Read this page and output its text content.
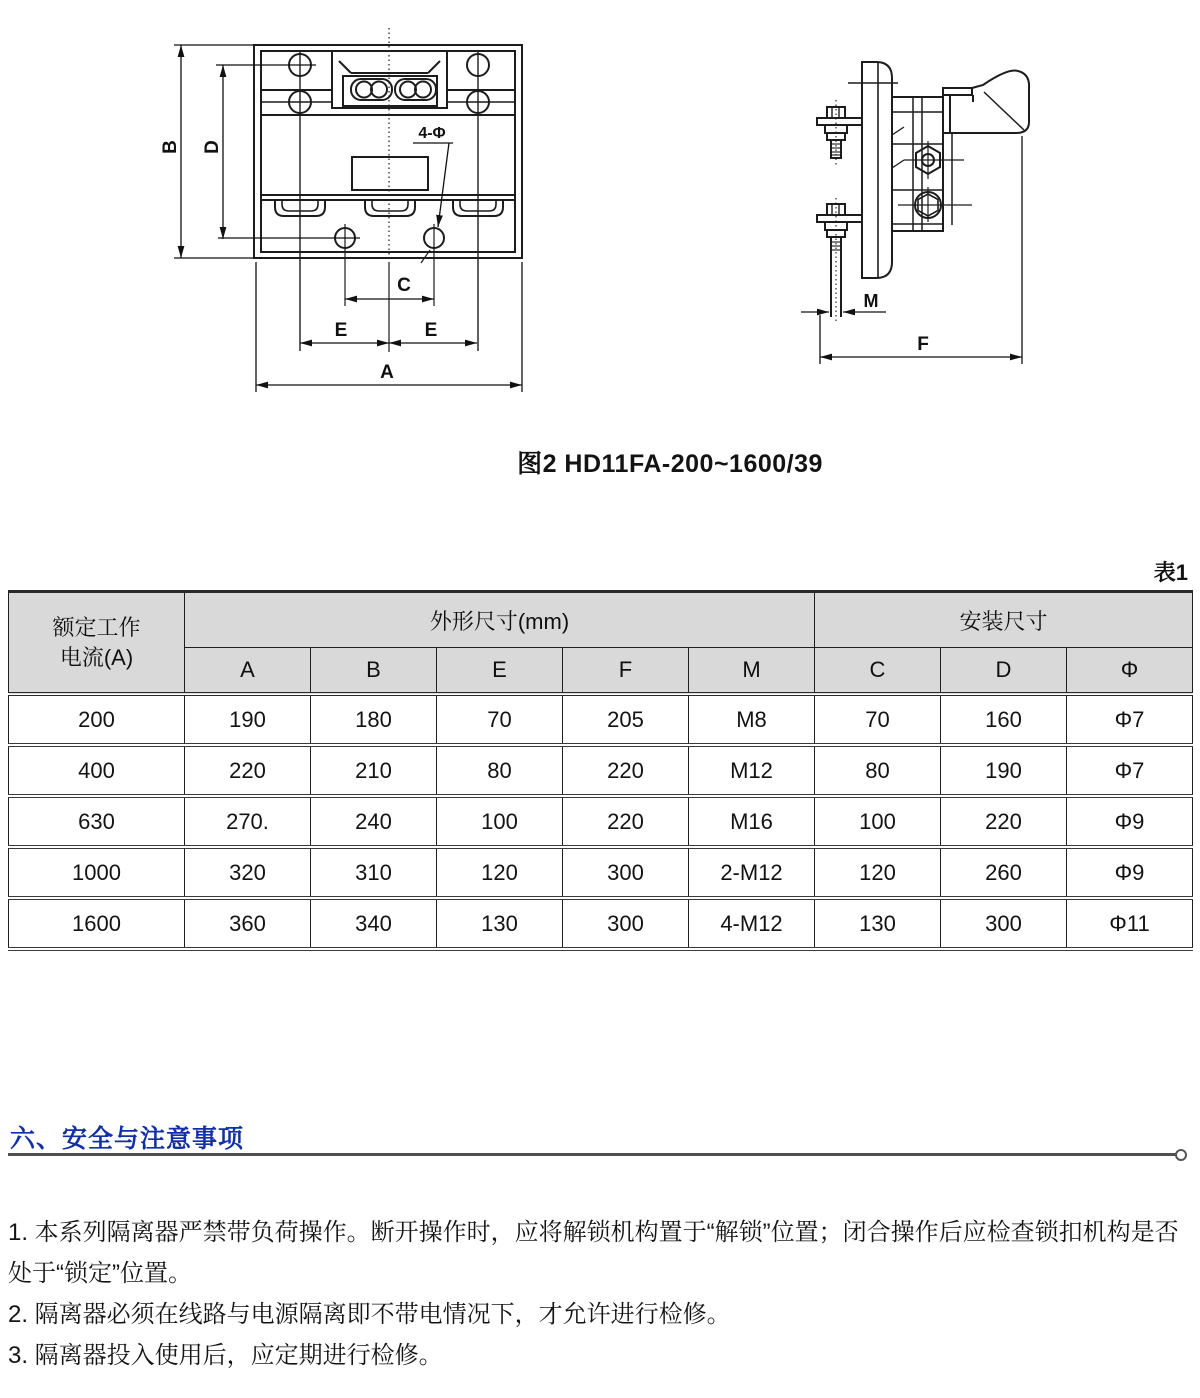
B D
C
E	E
A
4-Φ
M
F
图2 HD11FA-200~1600/39
表1
额定工作
电流(A)	外形尺寸(mm)					安装尺寸		
	A	B	E	F	M	C	D	Φ
200	190	180	70	205	M8	70	160	Φ7
400	220	210	80	220	M12	80	190	Φ7
630	270.	240	100	220	M16	100	220	Φ9
1000	320	310	120	300	2-M12	120	260	Φ9
1600	360	340	130	300	4-M12	130	300	Φ11
六、安全与注意事项

1. 本系列隔离器严禁带负荷操作。断开操作时，应将解锁机构置于“解锁”位置；闭合操作后应检查锁扣机构是否处于“锁定”位置。

2. 隔离器必须在线路与电源隔离即不带电情况下，才允许进行检修。

3. 隔离器投入使用后，应定期进行检修。
